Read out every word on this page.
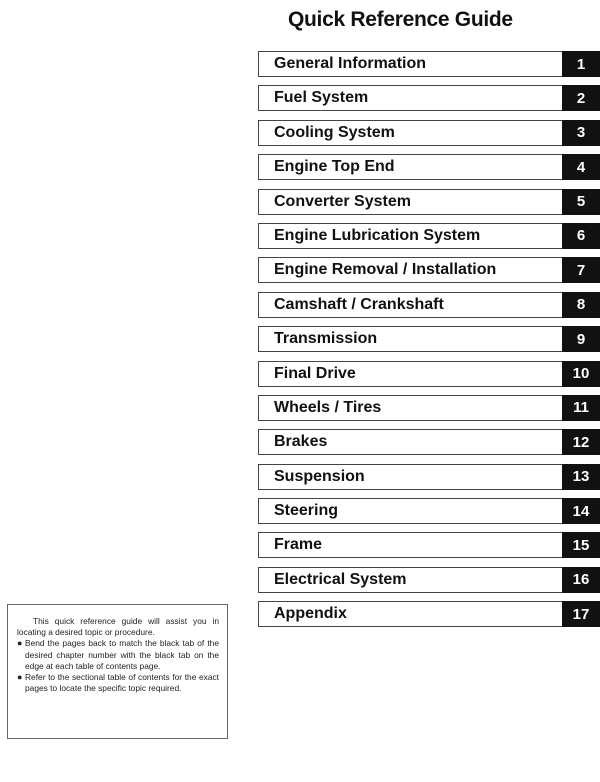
Quick Reference Guide
General Information	1
Fuel System	2
Cooling System	3
Engine Top End	4
Converter System	5
Engine Lubrication System	6
Engine Removal / Installation	7
Camshaft / Crankshaft	8
Transmission	9
Final Drive	10
Wheels / Tires	11
Brakes	12
Suspension	13
Steering	14
Frame	15
Electrical System	16
Appendix	17
This quick reference guide will assist you in locating a desired topic or procedure.
● Bend the pages back to match the black tab of the desired chapter number with the black tab on the edge at each table of contents page.
● Refer to the sectional table of contents for the exact pages to locate the specific topic required.
